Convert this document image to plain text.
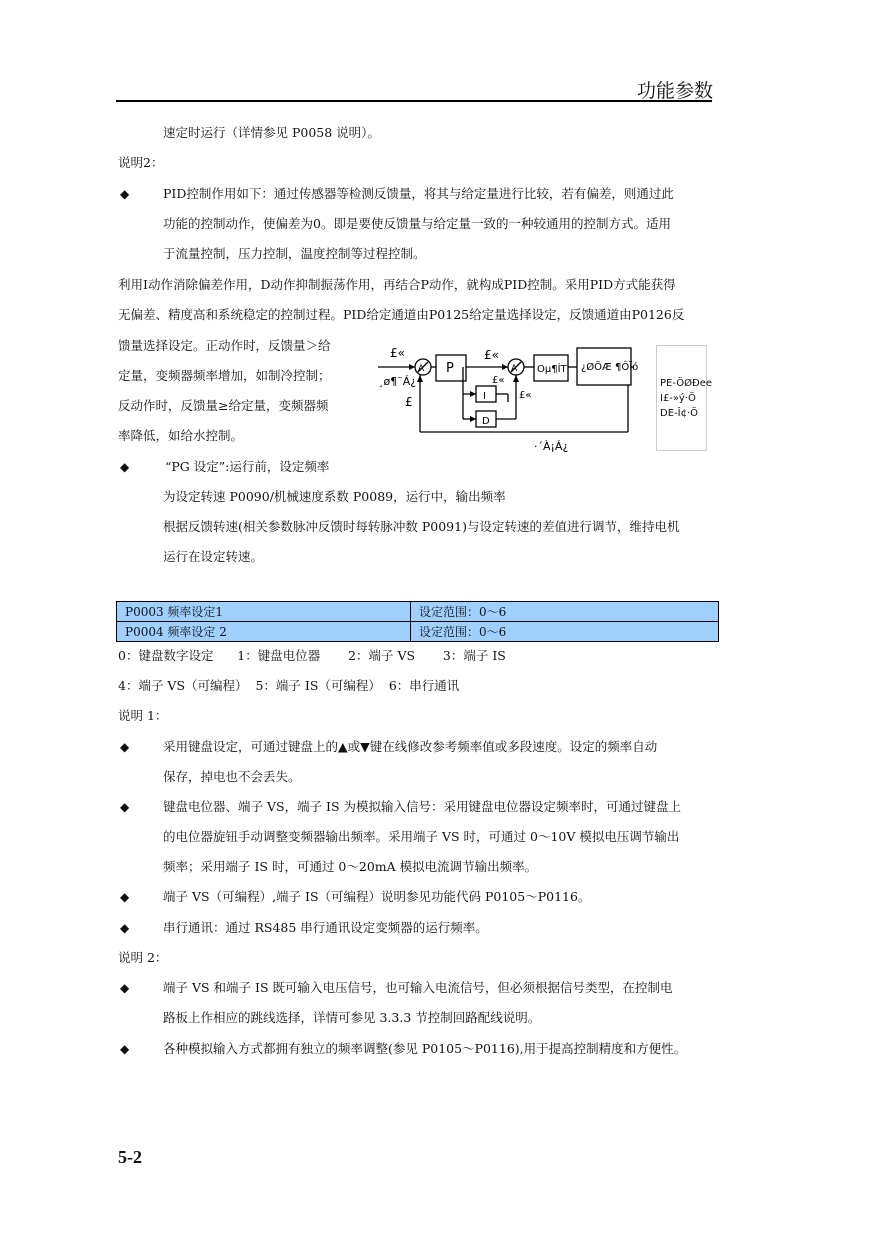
功能参数
速定时运行（详情参见 P0058 说明）。
说明2：
◆	PID控制作用如下：通过传感器等检测反馈量，将其与给定量进行比较，若有偏差，则通过此
功能的控制动作，使偏差为0。即是要使反馈量与给定量一致的一种较通用的控制方式。适用
于流量控制，压力控制，温度控制等过程控制。
利用I动作消除偏差作用，D动作抑制振荡作用，再结合P动作，就构成PID控制。采用PID方式能获得
无偏差、精度高和系统稳定的控制过程。PID给定通道由P0125给定量选择设定，反馈通道由P0126反
馈量选择设定。正动作时，反馈量＞给
定量，变频器频率增加，如制冷控制；
反动作时，反馈量≥给定量，变频器频
率降低，如给水控制。
£«
¸ø¶¨Á¿
£
A P
£«
A
£«
£«
I
D
Oµ¶ÍT ¿ØÖÆ ¶ÔÏó
·´À¡Á¿
PE-ÖØÐee
I£-»ý·Ö
DE-Î¢·Ö
◆	“PG 设定”:运行前，设定频率
为设定转速 P0090/机械速度系数 P0089，运行中，输出频率
根据反馈转速(相关参数脉冲反馈时每转脉冲数 P0091)与设定转速的差值进行调节，维持电机
运行在设定转速。
P0003 频率设定1	设定范围：0～6
P0004 频率设定 2	设定范围：0～6
0：键盘数字设定      1：键盘电位器       2：端子 VS       3：端子 IS
4：端子 VS（可编程）  5：端子 IS（可编程）  6：串行通讯
说明 1：
◆	采用键盘设定，可通过键盘上的▲或▼键在线修改参考频率值或多段速度。设定的频率自动
保存，掉电也不会丢失。
◆	键盘电位器、端子 VS，端子 IS 为模拟输入信号：采用键盘电位器设定频率时，可通过键盘上
的电位器旋钮手动调整变频器输出频率。采用端子 VS 时，可通过 0～10V 模拟电压调节输出
频率；采用端子 IS 时，可通过 0～20mA 模拟电流调节输出频率。
◆	端子 VS（可编程）,端子 IS（可编程）说明参见功能代码 P0105～P0116。
◆	串行通讯：通过 RS485 串行通讯设定变频器的运行频率。
说明 2：
◆	端子 VS 和端子 IS 既可输入电压信号，也可输入电流信号，但必须根据信号类型，在控制电
路板上作相应的跳线选择，详情可参见 3.3.3 节控制回路配线说明。
◆	各种模拟输入方式都拥有独立的频率调整(参见 P0105～P0116),用于提高控制精度和方便性。
5-2
